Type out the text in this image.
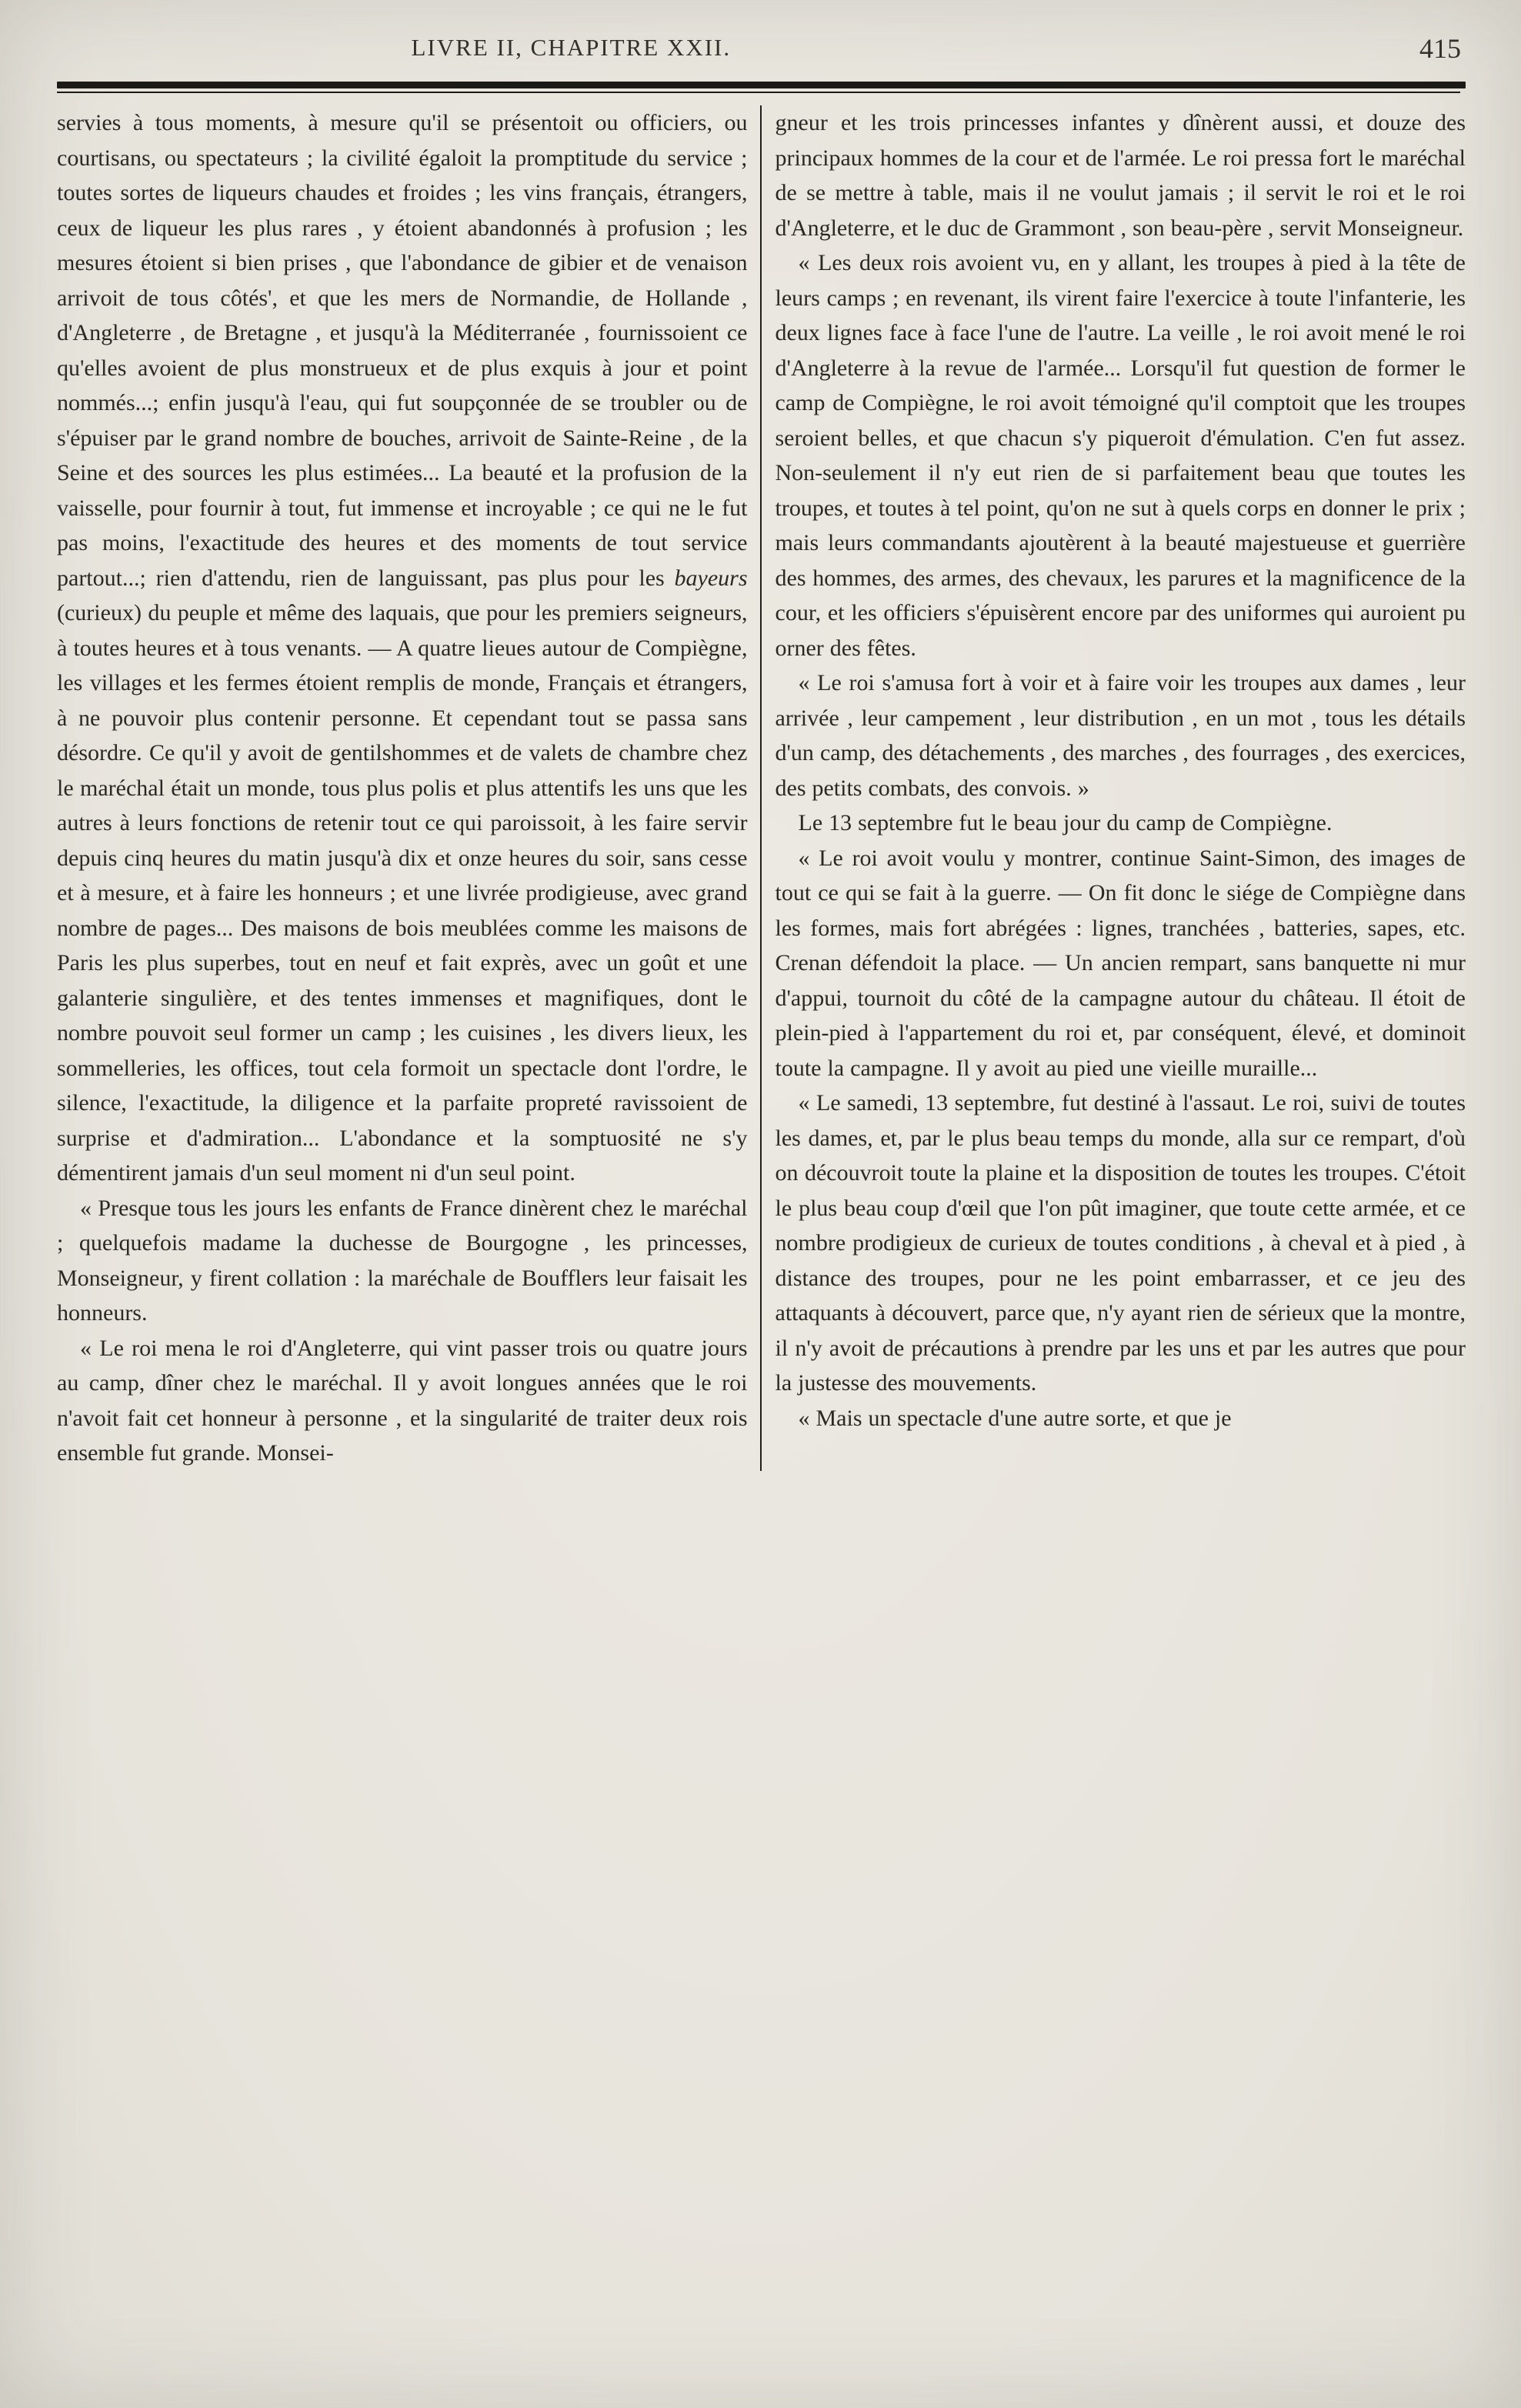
LIVRE II, CHAPITRE XXII.	415

servies à tous moments, à mesure qu'il se présentoit ou officiers, ou courtisans, ou spectateurs ; la civilité égaloit la promptitude du service ; toutes sortes de liqueurs chaudes et froides ; les vins français, étrangers, ceux de liqueur les plus rares , y étoient abandonnés à profusion ; les mesures étoient si bien prises , que l'abondance de gibier et de venaison arrivoit de tous côtés', et que les mers de Normandie, de Hollande , d'Angleterre , de Bretagne , et jusqu'à la Méditerranée , fournissoient ce qu'elles avoient de plus monstrueux et de plus exquis à jour et point nommés...; enfin jusqu'à l'eau, qui fut soupçonnée de se troubler ou de s'épuiser par le grand nombre de bouches, arrivoit de Sainte-Reine , de la Seine et des sources les plus estimées... La beauté et la profusion de la vaisselle, pour fournir à tout, fut immense et incroyable ; ce qui ne le fut pas moins, l'exactitude des heures et des moments de tout service partout...; rien d'attendu, rien de languissant, pas plus pour les bayeurs (curieux) du peuple et même des laquais, que pour les premiers seigneurs, à toutes heures et à tous venants. — A quatre lieues autour de Compiègne, les villages et les fermes étoient remplis de monde, Français et étrangers, à ne pouvoir plus contenir personne. Et cependant tout se passa sans désordre. Ce qu'il y avoit de gentilshommes et de valets de chambre chez le maréchal était un monde, tous plus polis et plus attentifs les uns que les autres à leurs fonctions de retenir tout ce qui paroissoit, à les faire servir depuis cinq heures du matin jusqu'à dix et onze heures du soir, sans cesse et à mesure, et à faire les honneurs ; et une livrée prodigieuse, avec grand nombre de pages... Des maisons de bois meublées comme les maisons de Paris les plus superbes, tout en neuf et fait exprès, avec un goût et une galanterie singulière, et des tentes immenses et magnifiques, dont le nombre pouvoit seul former un camp ; les cuisines , les divers lieux, les sommelleries, les offices, tout cela formoit un spectacle dont l'ordre, le silence, l'exactitude, la diligence et la parfaite propreté ravissoient de surprise et d'admiration... L'abondance et la somptuosité ne s'y démentirent jamais d'un seul moment ni d'un seul point.

« Presque tous les jours les enfants de France dinèrent chez le maréchal ; quelquefois madame la duchesse de Bourgogne , les princesses, Monseigneur, y firent collation : la maréchale de Boufflers leur faisait les honneurs.

« Le roi mena le roi d'Angleterre, qui vint passer trois ou quatre jours au camp, dîner chez le maréchal. Il y avoit longues années que le roi n'avoit fait cet honneur à personne , et la singularité de traiter deux rois ensemble fut grande. Monsei-

gneur et les trois princesses infantes y dînèrent aussi, et douze des principaux hommes de la cour et de l'armée. Le roi pressa fort le maréchal de se mettre à table, mais il ne voulut jamais ; il servit le roi et le roi d'Angleterre, et le duc de Grammont , son beau-père , servit Monseigneur.

« Les deux rois avoient vu, en y allant, les troupes à pied à la tête de leurs camps ; en revenant, ils virent faire l'exercice à toute l'infanterie, les deux lignes face à face l'une de l'autre. La veille , le roi avoit mené le roi d'Angleterre à la revue de l'armée... Lorsqu'il fut question de former le camp de Compiègne, le roi avoit témoigné qu'il comptoit que les troupes seroient belles, et que chacun s'y piqueroit d'émulation. C'en fut assez. Non-seulement il n'y eut rien de si parfaitement beau que toutes les troupes, et toutes à tel point, qu'on ne sut à quels corps en donner le prix ; mais leurs commandants ajoutèrent à la beauté majestueuse et guerrière des hommes, des armes, des chevaux, les parures et la magnificence de la cour, et les officiers s'épuisèrent encore par des uniformes qui auroient pu orner des fêtes.

« Le roi s'amusa fort à voir et à faire voir les troupes aux dames , leur arrivée , leur campement , leur distribution , en un mot , tous les détails d'un camp, des détachements , des marches , des fourrages , des exercices, des petits combats, des convois. »

Le 13 septembre fut le beau jour du camp de Compiègne.

« Le roi avoit voulu y montrer, continue Saint-Simon, des images de tout ce qui se fait à la guerre. — On fit donc le siége de Compiègne dans les formes, mais fort abrégées : lignes, tranchées , batteries, sapes, etc. Crenan défendoit la place. — Un ancien rempart, sans banquette ni mur d'appui, tournoit du côté de la campagne autour du château. Il étoit de plein-pied à l'appartement du roi et, par conséquent, élevé, et dominoit toute la campagne. Il y avoit au pied une vieille muraille...

« Le samedi, 13 septembre, fut destiné à l'assaut. Le roi, suivi de toutes les dames, et, par le plus beau temps du monde, alla sur ce rempart, d'où on découvroit toute la plaine et la disposition de toutes les troupes. C'étoit le plus beau coup d'œil que l'on pût imaginer, que toute cette armée, et ce nombre prodigieux de curieux de toutes conditions , à cheval et à pied , à distance des troupes, pour ne les point embarrasser, et ce jeu des attaquants à découvert, parce que, n'y ayant rien de sérieux que la montre, il n'y avoit de précautions à prendre par les uns et par les autres que pour la justesse des mouvements.

« Mais un spectacle d'une autre sorte, et que je
